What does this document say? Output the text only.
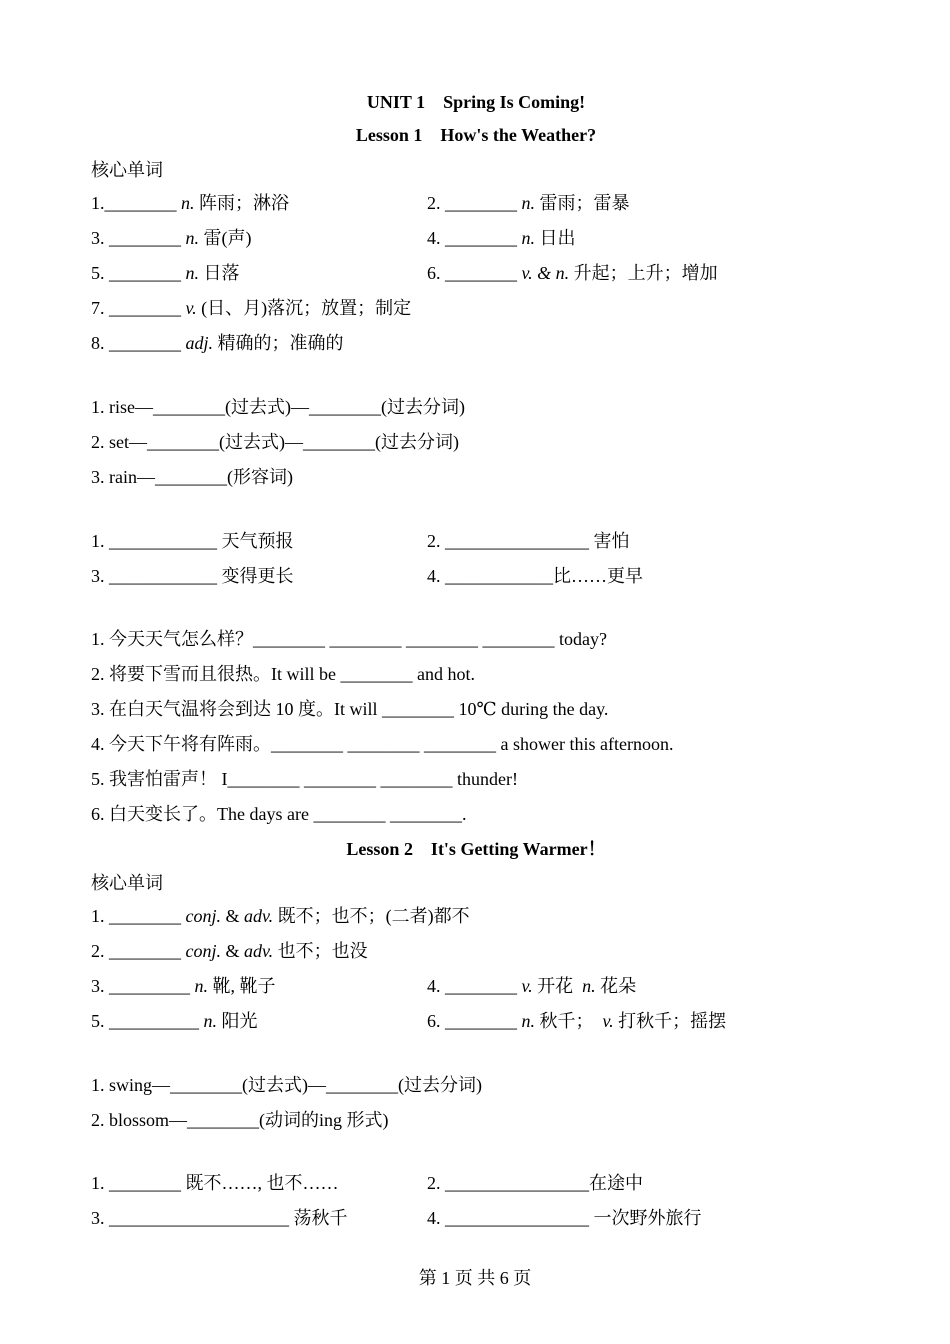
UNIT 1　Spring Is Coming!
Lesson 1　How's the Weather?
核心单词
1.________ n. 阵雨；淋浴	2. ________ n. 雷雨；雷暴
3. ________ n. 雷(声)	4. ________ n. 日出
5. ________ n. 日落	6. ________ v. & n. 升起；上升；增加
7. ________ v. (日、月)落沉；放置；制定
8. ________ adj. 精确的；准确的
1. rise—________(过去式)—________(过去分词)
2. set—________(过去式)—________(过去分词)
3. rain—________(形容词)
1. ____________ 天气预报	2. ________________ 害怕
3. ____________ 变得更长	4. ____________比……更早
1. 今天天气怎么样？________ ________ ________ ________ today?
2. 将要下雪而且很热。It will be ________ and hot.
3. 在白天气温将会到达 10 度。It will ________ 10℃ during the day.
4. 今天下午将有阵雨。________ ________ ________ a shower this afternoon.
5. 我害怕雷声！ I________ ________ ________ thunder!
6. 白天变长了。The days are ________ ________.
Lesson 2　It's Getting Warmer！
核心单词
1. ________ conj. & adv. 既不；也不；(二者)都不
2. ________ conj. & adv. 也不；也没
3. _________ n. 靴, 靴子	4. ________ v. 开花  n. 花朵
5. __________ n. 阳光	6. ________ n. 秋千；  v. 打秋千；摇摆
1. swing—________(过去式)—________(过去分词)
2. blossom—________(动词的ing 形式)
1. ________ 既不……, 也不……	2. ________________在途中
3. ____________________ 荡秋千	4. ________________ 一次野外旅行
第 1 页 共 6 页
